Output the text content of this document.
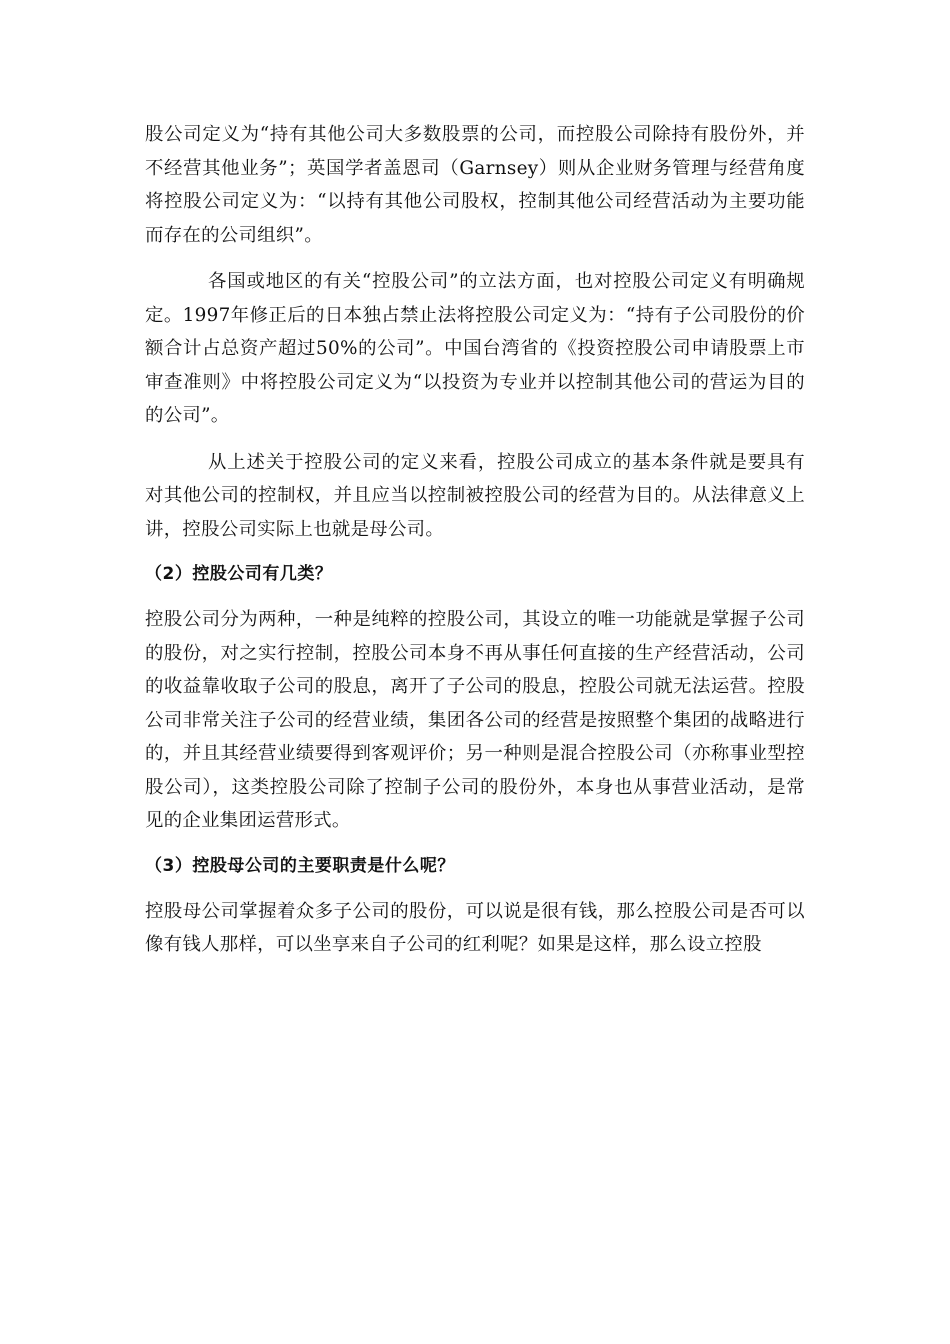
股公司定义为“持有其他公司大多数股票的公司，而控股公司除持有股份外，并不经营其他业务”；英国学者盖恩司（Garnsey）则从企业财务管理与经营角度将控股公司定义为：“以持有其他公司股权，控制其他公司经营活动为主要功能而存在的公司组织”。

各国或地区的有关“控股公司”的立法方面，也对控股公司定义有明确规定。1997年修正后的日本独占禁止法将控股公司定义为：“持有子公司股份的价额合计占总资产超过50%的公司”。中国台湾省的《投资控股公司申请股票上市审查准则》中将控股公司定义为“以投资为专业并以控制其他公司的营运为目的的公司”。

从上述关于控股公司的定义来看，控股公司成立的基本条件就是要具有对其他公司的控制权，并且应当以控制被控股公司的经营为目的。从法律意义上讲，控股公司实际上也就是母公司。

（2）控股公司有几类？

控股公司分为两种，一种是纯粹的控股公司，其设立的唯一功能就是掌握子公司的股份，对之实行控制，控股公司本身不再从事任何直接的生产经营活动，公司的收益靠收取子公司的股息，离开了子公司的股息，控股公司就无法运营。控股公司非常关注子公司的经营业绩，集团各公司的经营是按照整个集团的战略进行的，并且其经营业绩要得到客观评价；另一种则是混合控股公司（亦称事业型控股公司），这类控股公司除了控制子公司的股份外，本身也从事营业活动，是常见的企业集团运营形式。

（3）控股母公司的主要职责是什么呢？

控股母公司掌握着众多子公司的股份，可以说是很有钱，那么控股公司是否可以像有钱人那样，可以坐享来自子公司的红利呢？如果是这样，那么设立控股
